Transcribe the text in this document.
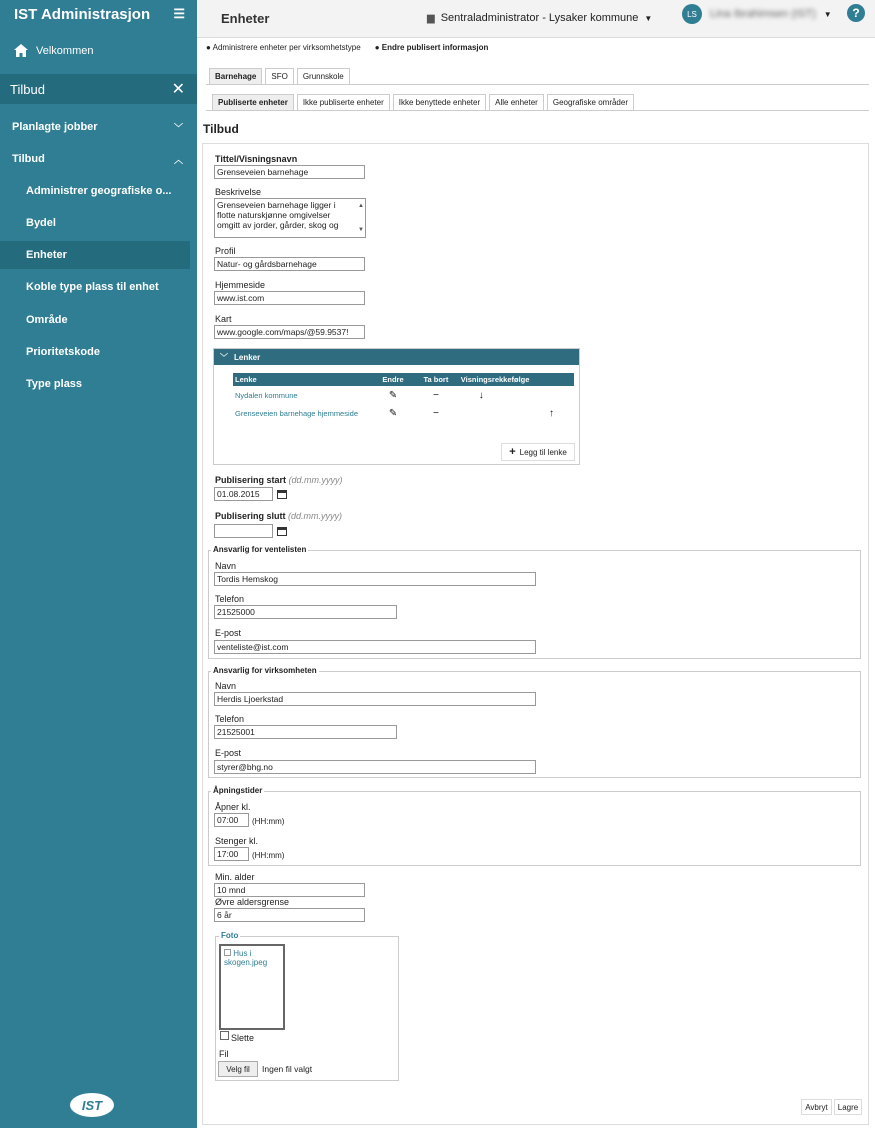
IST Administrasjon ☰
Velkommen
Tilbud	✕
Planlagte jobber	﹀
Tilbud	︿
Administrer geografiske o...
Bydel
Enheter
Koble type plass til enhet
Område
Prioritetskode
Type plass
IST
Enheter	▆ Sentraladministrator - Lysaker kommune ▼	LS	Lina Ibrahimsen (IST) ▼	?
● Administrere enheter per virksomhetstype ● Endre publisert informasjon
Barnehage	SFO	Grunnskole
Publiserte enheter	Ikke publiserte enheter	Ikke benyttede enheter	Alle enheter	Geografiske områder
Tilbud
Tittel/Visningsnavn
Grenseveien barnehage
Beskrivelse
Grenseveien barnehage ligger i
flotte naturskjønne omgivelser
omgitt av jorder, gårder, skog og
▲
▼
Profil
Natur- og gårdsbarnehage
Hjemmeside
www.ist.com
Kart
www.google.com/maps/@59.9537!
﹀ Lenker
Lenke	Endre	Ta bort	Visningsrekkefølge
Nydalen kommune	✎	−	↓
Grenseveien barnehage hjemmeside	✎	−	↑
+ Legg til lenke
Publisering start (dd.mm.yyyy)
01.08.2015
Publisering slutt (dd.mm.yyyy)
Ansvarlig for ventelisten
Navn
Tordis Hemskog
Telefon
21525000
E-post
venteliste@ist.com
Ansvarlig for virksomheten
Navn
Herdis Ljoerkstad
Telefon
21525001
E-post
styrer@bhg.no
Åpningstider
Åpner kl.
07:00	(HH:mm)
Stenger kl.
17:00	(HH:mm)
Min. alder
10 mnd
Øvre aldersgrense
6 år
Foto
Hus i skogen.jpeg
Slette
Fil
Velg fil	Ingen fil valgt
Avbryt	Lagre
